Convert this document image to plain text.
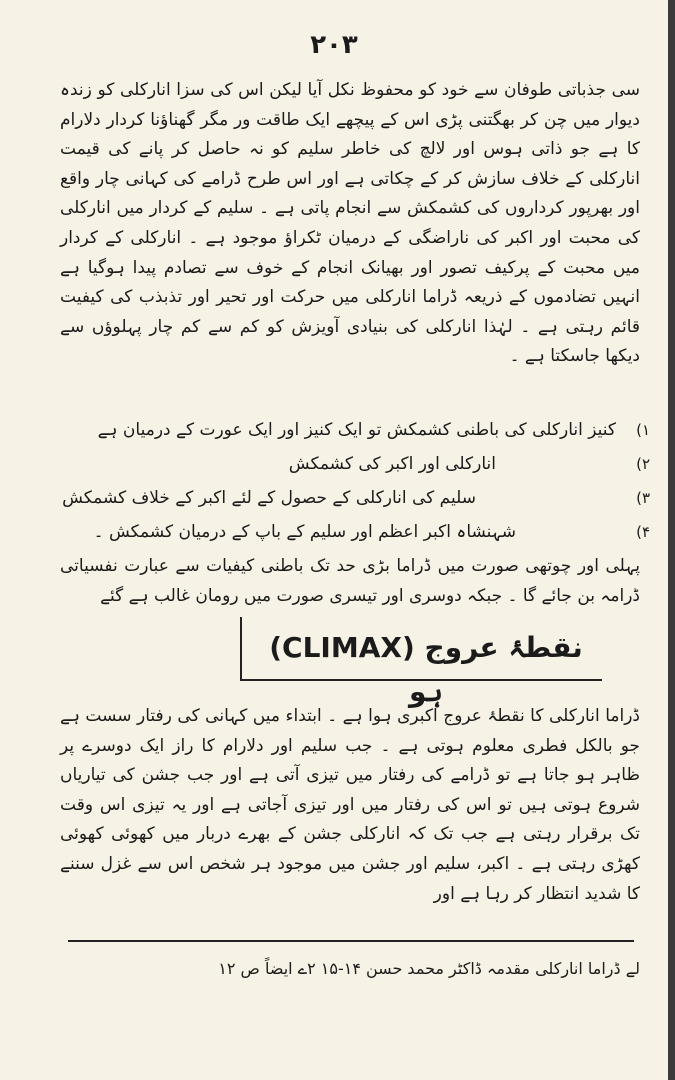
۲۰۳
سی جذباتی طوفان سے خود کو محفوظ نکل آیا لیکن اس کی سزا انارکلی کو زندہ دیوار میں چن کر بھگتنی پڑی اس کے پیچھے ایک طاقت ور مگر گھناؤنا کردار دلارام کا ہے جو ذاتی ہوس اور لالچ کی خاطر سلیم کو نہ حاصل کر پانے کی قیمت انارکلی کے خلاف سازش کر کے چکاتی ہے اور اس طرح ڈرامے کی کہانی چار واقع اور بھرپور کرداروں کی کشمکش سے انجام پاتی ہے ۔ سلیم کے کردار میں انارکلی کی محبت اور اکبر کی ناراضگی کے درمیان ٹکراؤ موجود ہے ۔ انارکلی کے کردار میں محبت کے پرکیف تصور اور بھیانک انجام کے خوف سے تصادم پیدا ہوگیا ہے انہیں تضادموں کے ذریعہ ڈراما انارکلی میں حرکت اور تحیر اور تذبذب کی کیفیت قائم رہتی ہے ۔ لہٰذا انارکلی کی بنیادی آویزش کو کم سے کم چار پہلوؤں سے دیکھا جاسکتا ہے ۔
۱)
کنیز انارکلی کی باطنی کشمکش تو ایک کنیز اور ایک عورت کے درمیان ہے
۲)
انارکلی اور اکبر کی کشمکش
۳)
سلیم کی انارکلی کے حصول کے لئے اکبر کے خلاف کشمکش
۴)
شہنشاہ اکبر اعظم اور سلیم کے باپ کے درمیان کشمکش ۔
پہلی اور چوتھی صورت میں ڈراما بڑی حد تک باطنی کیفیات سے عبارت نفسیاتی ڈرامہ بن جائے گا ۔ جبکہ دوسری اور تیسری صورت میں رومان غالب ہے گئے
نقطۂ عروج (CLIMAX) ہو
ڈراما انارکلی کا نقطۂ عروج اکبری ہوا ہے ۔ ابتداء میں کہانی کی رفتار سست ہے جو بالکل فطری معلوم ہوتی ہے ۔ جب سلیم اور دلارام کا راز ایک دوسرے پر ظاہر ہو جاتا ہے تو ڈرامے کی رفتار میں تیزی آتی ہے اور جب جشن کی تیاریاں شروع ہوتی ہیں تو اس کی رفتار میں اور تیزی آجاتی ہے اور یہ تیزی اس وقت تک برقرار رہتی ہے جب تک کہ انارکلی جشن کے بھرے دربار میں کھوئی کھوئی کھڑی رہتی ہے ۔ اکبر، سلیم اور جشن میں موجود ہر شخص اس سے غزل سننے کا شدید انتظار کر رہا ہے اور
لے ڈراما انارکلی مقدمہ ڈاکٹر محمد حسن ۱۴-۱۵ ۲ے ایضاً ص ۱۲
